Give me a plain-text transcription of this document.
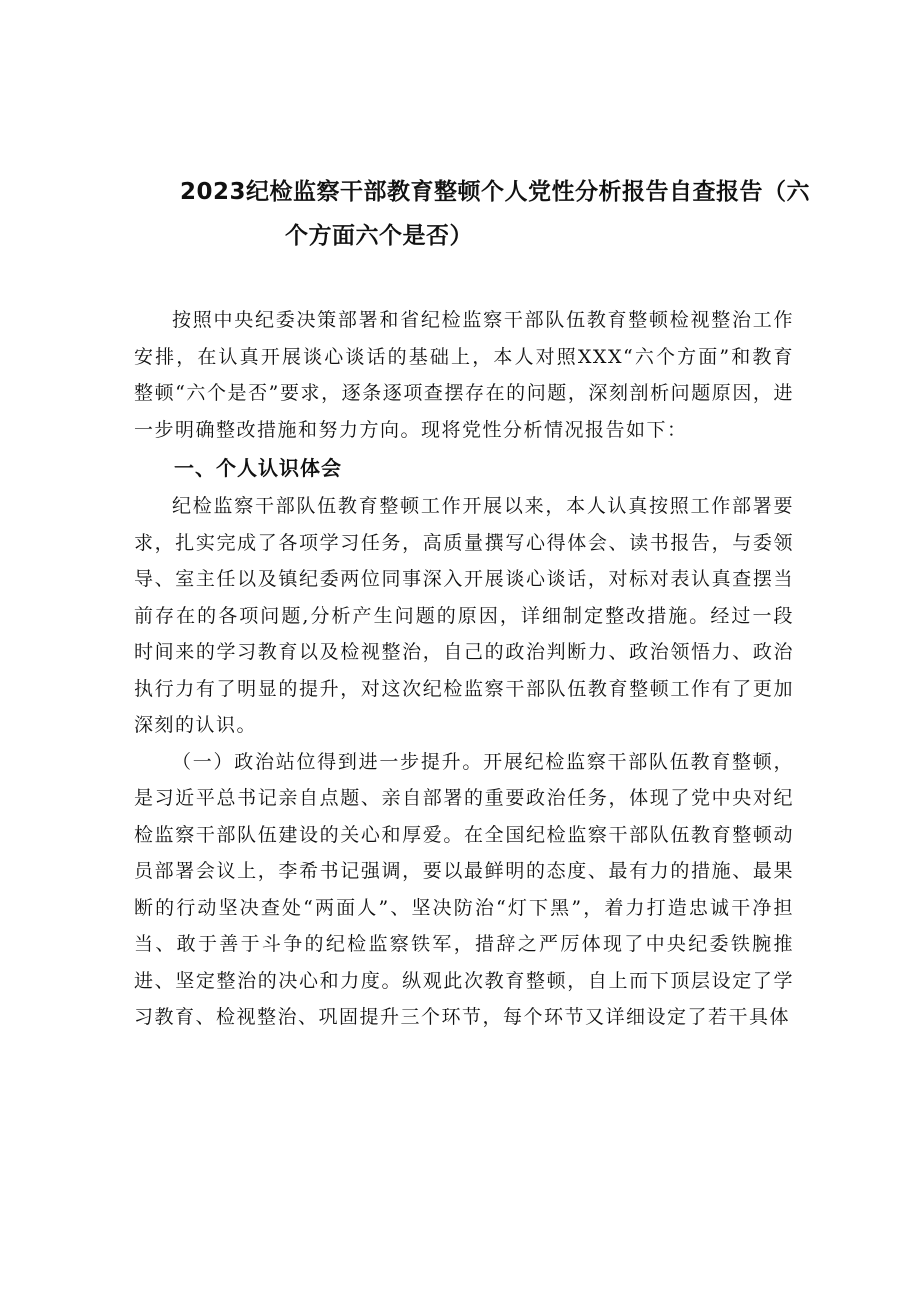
2023纪检监察干部教育整顿个人党性分析报告自查报告（六
个方面六个是否）

按照中央纪委决策部署和省纪检监察干部队伍教育整顿检视整治工作安排，在认真开展谈心谈话的基础上，本人对照XXX“六个方面”和教育整顿“六个是否”要求，逐条逐项查摆存在的问题，深刻剖析问题原因，进一步明确整改措施和努力方向。现将党性分析情况报告如下：

一、个人认识体会

纪检监察干部队伍教育整顿工作开展以来，本人认真按照工作部署要求，扎实完成了各项学习任务，高质量撰写心得体会、读书报告，与委领导、室主任以及镇纪委两位同事深入开展谈心谈话，对标对表认真查摆当前存在的各项问题,分析产生问题的原因，详细制定整改措施。经过一段时间来的学习教育以及检视整治，自己的政治判断力、政治领悟力、政治执行力有了明显的提升，对这次纪检监察干部队伍教育整顿工作有了更加深刻的认识。

（一）政治站位得到进一步提升。开展纪检监察干部队伍教育整顿，是习近平总书记亲自点题、亲自部署的重要政治任务，体现了党中央对纪检监察干部队伍建设的关心和厚爱。在全国纪检监察干部队伍教育整顿动员部署会议上，李希书记强调，要以最鲜明的态度、最有力的措施、最果断的行动坚决查处“两面人”、坚决防治“灯下黑”，着力打造忠诚干净担当、敢于善于斗争的纪检监察铁军，措辞之严厉体现了中央纪委铁腕推进、坚定整治的决心和力度。纵观此次教育整顿，自上而下顶层设定了学习教育、检视整治、巩固提升三个环节，每个环节又详细设定了若干具体
